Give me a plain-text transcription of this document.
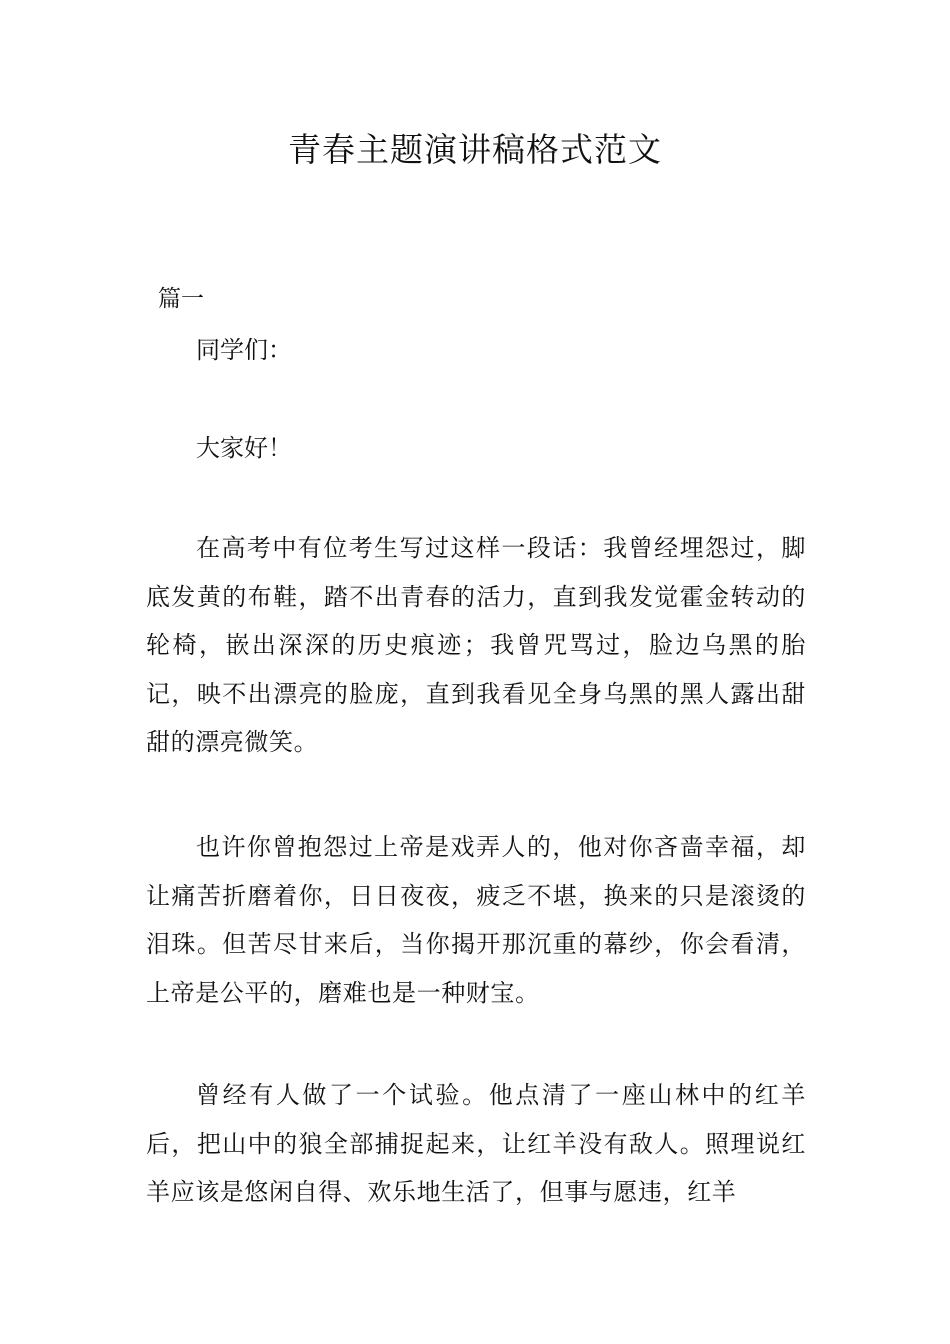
青春主题演讲稿格式范文
篇一
同学们：
大家好！
在高考中有位考生写过这样一段话：我曾经埋怨过，脚底发黄的布鞋，踏不出青春的活力，直到我发觉霍金转动的轮椅，嵌出深深的历史痕迹；我曾咒骂过，脸边乌黑的胎记，映不出漂亮的脸庞，直到我看见全身乌黑的黑人露出甜甜的漂亮微笑。
也许你曾抱怨过上帝是戏弄人的，他对你吝啬幸福，却让痛苦折磨着你，日日夜夜，疲乏不堪，换来的只是滚烫的泪珠。但苦尽甘来后，当你揭开那沉重的幕纱，你会看清，上帝是公平的，磨难也是一种财宝。
曾经有人做了一个试验。他点清了一座山林中的红羊后，把山中的狼全部捕捉起来，让红羊没有敌人。照理说红羊应该是悠闲自得、欢乐地生活了，但事与愿违，红羊
